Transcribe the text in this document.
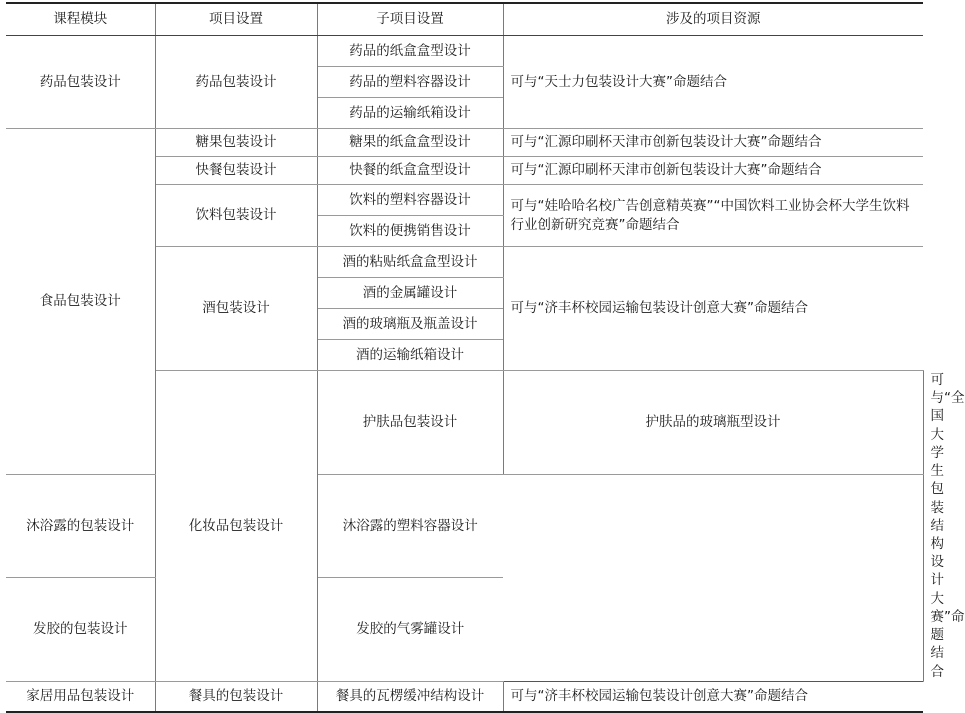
课程模块	项目设置	子项目设置	涉及的项目资源	
药品包装设计	药品包装设计	药品的纸盒盒型设计	可与“天士力包装设计大赛”命题结合	
		药品的塑料容器设计		
		药品的运输纸箱设计		
食品包装设计	糖果包装设计	糖果的纸盒盒型设计	可与“汇源印刷杯天津市创新包装设计大赛”命题结合	
	快餐包装设计	快餐的纸盒盒型设计	可与“汇源印刷杯天津市创新包装设计大赛”命题结合	
	饮料包装设计	饮料的塑料容器设计	可与“娃哈哈名校广告创意精英赛”“中国饮料工业协会杯大学生饮料行业创新研究竞赛”命题结合	
		饮料的便携销售设计		
	酒包装设计	酒的粘贴纸盒盒型设计	可与“济丰杯校园运输包装设计创意大赛”命题结合	
		酒的金属罐设计		
		酒的玻璃瓶及瓶盖设计		
		酒的运输纸箱设计		
	化妆品包装设计	护肤品包装设计	护肤品的玻璃瓶型设计	可与“全国大学生包装结构设计大赛”命题结合
沐浴露的包装设计		沐浴露的塑料容器设计		
发胶的包装设计		发胶的气雾罐设计		
家居用品包装设计	餐具的包装设计	餐具的瓦楞缓冲结构设计	可与“济丰杯校园运输包装设计创意大赛”命题结合	
